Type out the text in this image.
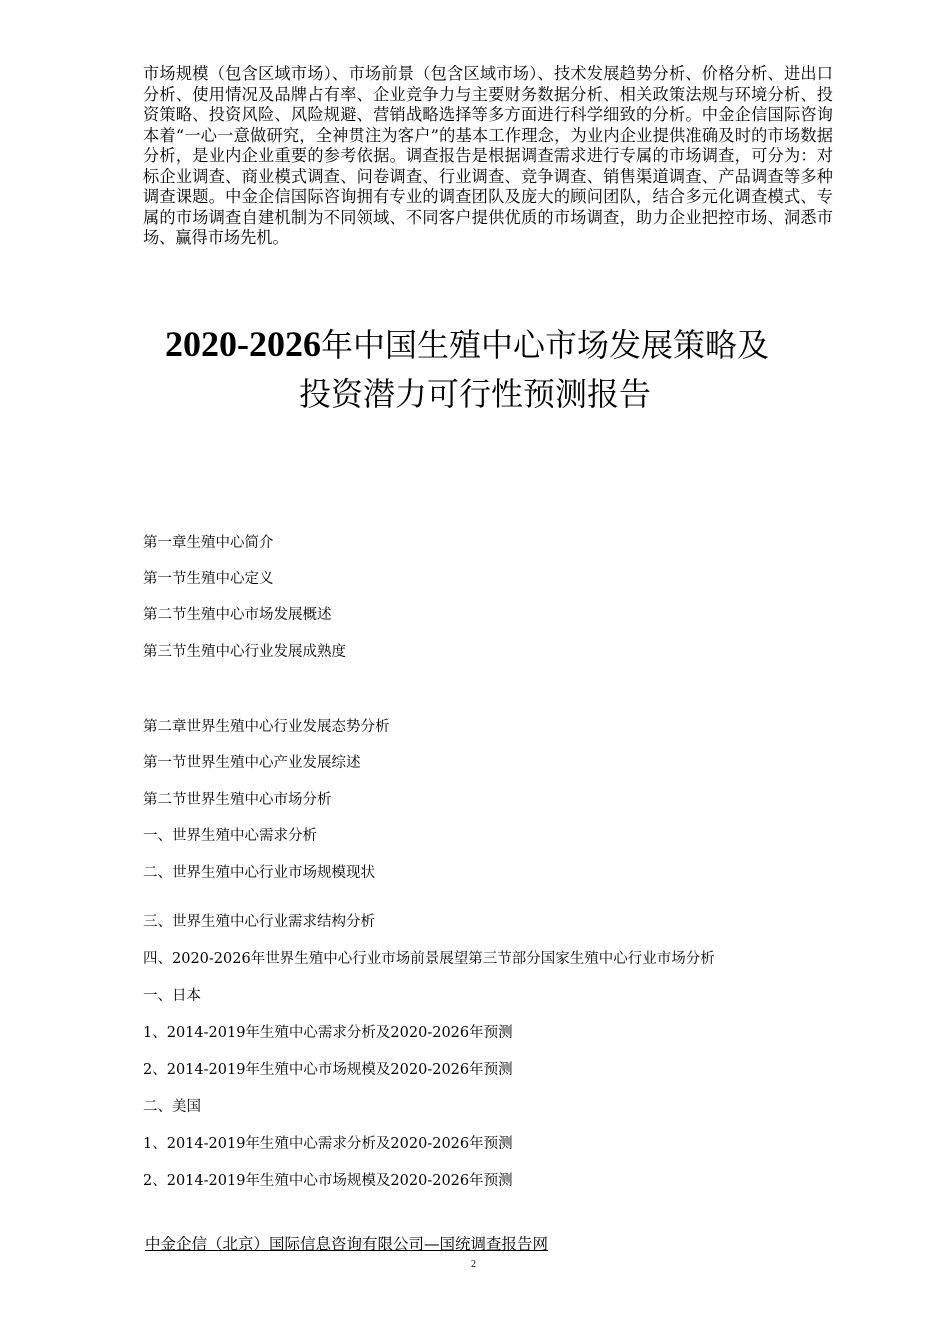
市场规模（包含区域市场）、市场前景（包含区域市场）、技术发展趋势分析、价格分析、进出口分析、使用情况及品牌占有率、企业竞争力与主要财务数据分析、相关政策法规与环境分析、投资策略、投资风险、风险规避、营销战略选择等多方面进行科学细致的分析。中金企信国际咨询本着“一心一意做研究，全神贯注为客户”的基本工作理念，为业内企业提供准确及时的市场数据分析，是业内企业重要的参考依据。调查报告是根据调查需求进行专属的市场调查，可分为：对标企业调查、商业模式调查、问卷调查、行业调查、竞争调查、销售渠道调查、产品调查等多种调查课题。中金企信国际咨询拥有专业的调查团队及庞大的顾问团队，结合多元化调查模式、专属的市场调查自建机制为不同领域、不同客户提供优质的市场调查，助力企业把控市场、洞悉市场、赢得市场先机。
2020-2026年中国生殖中心市场发展策略及
投资潜力可行性预测报告
第一章生殖中心简介
第一节生殖中心定义
第二节生殖中心市场发展概述
第三节生殖中心行业发展成熟度
第二章世界生殖中心行业发展态势分析
第一节世界生殖中心产业发展综述
第二节世界生殖中心市场分析
一、世界生殖中心需求分析
二、世界生殖中心行业市场规模现状
三、世界生殖中心行业需求结构分析
四、2020-2026年世界生殖中心行业市场前景展望第三节部分国家生殖中心行业市场分析
一、日本
1、2014-2019年生殖中心需求分析及2020-2026年预测
2、2014-2019年生殖中心市场规模及2020-2026年预测
二、美国
1、2014-2019年生殖中心需求分析及2020-2026年预测
2、2014-2019年生殖中心市场规模及2020-2026年预测
中金企信（北京）国际信息咨询有限公司—国统调查报告网
2
